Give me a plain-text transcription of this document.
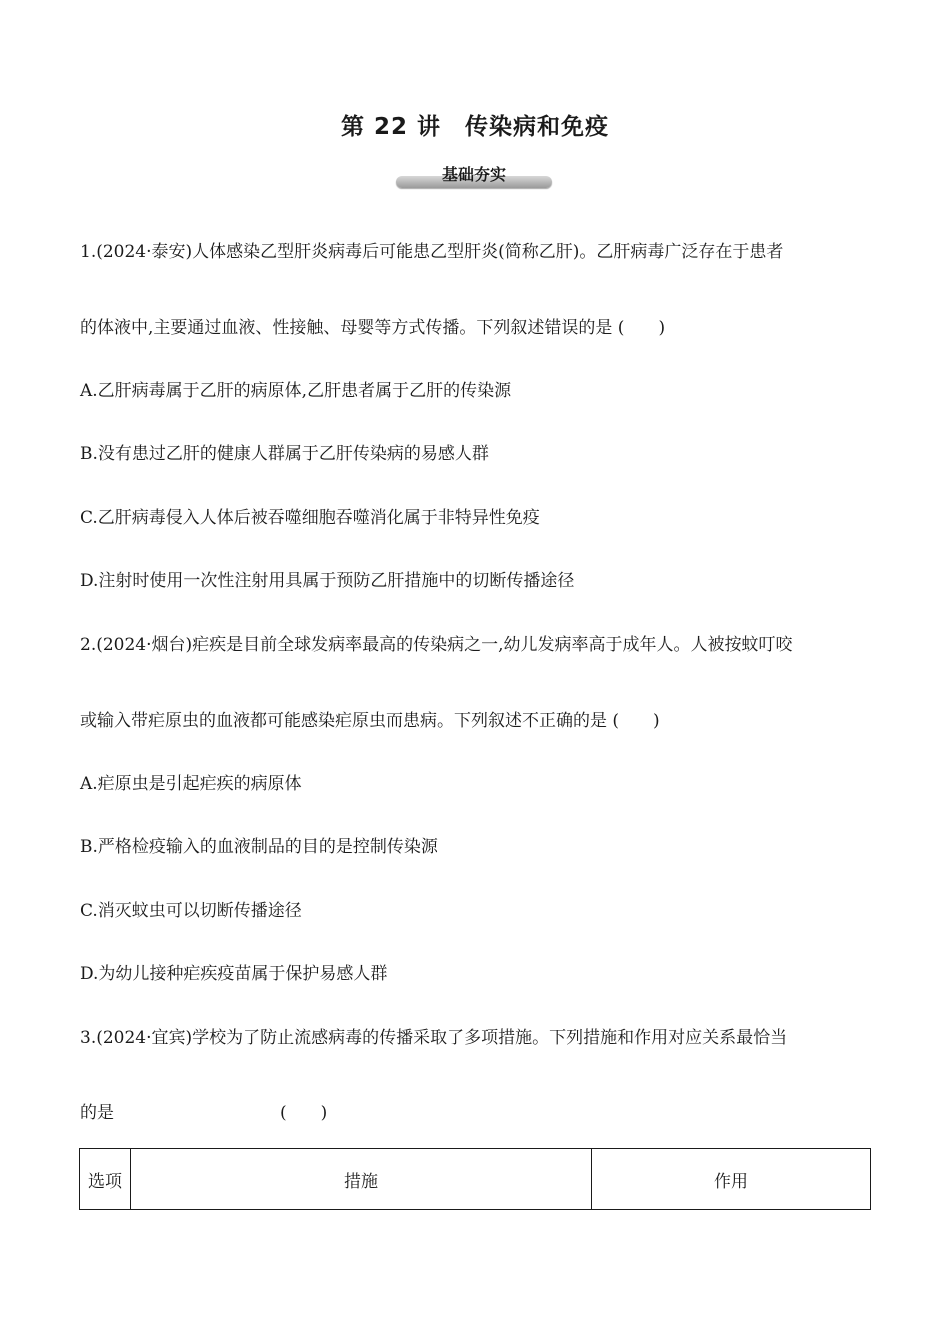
第 22 讲　传染病和免疫
基础夯实
1.(2024·泰安)人体感染乙型肝炎病毒后可能患乙型肝炎(简称乙肝)。乙肝病毒广泛存在于患者
的体液中,主要通过血液、性接触、母婴等方式传播。下列叙述错误的是 (　　)
A.乙肝病毒属于乙肝的病原体,乙肝患者属于乙肝的传染源
B.没有患过乙肝的健康人群属于乙肝传染病的易感人群
C.乙肝病毒侵入人体后被吞噬细胞吞噬消化属于非特异性免疫
D.注射时使用一次性注射用具属于预防乙肝措施中的切断传播途径
2.(2024·烟台)疟疾是目前全球发病率最高的传染病之一,幼儿发病率高于成年人。人被按蚊叮咬
或输入带疟原虫的血液都可能感染疟原虫而患病。下列叙述不正确的是 (　　)
A.疟原虫是引起疟疾的病原体
B.严格检疫输入的血液制品的目的是控制传染源
C.消灭蚊虫可以切断传播途径
D.为幼儿接种疟疾疫苗属于保护易感人群
3.(2024·宜宾)学校为了防止流感病毒的传播采取了多项措施。下列措施和作用对应关系最恰当
的是	(　　)
选项	措施	作用
